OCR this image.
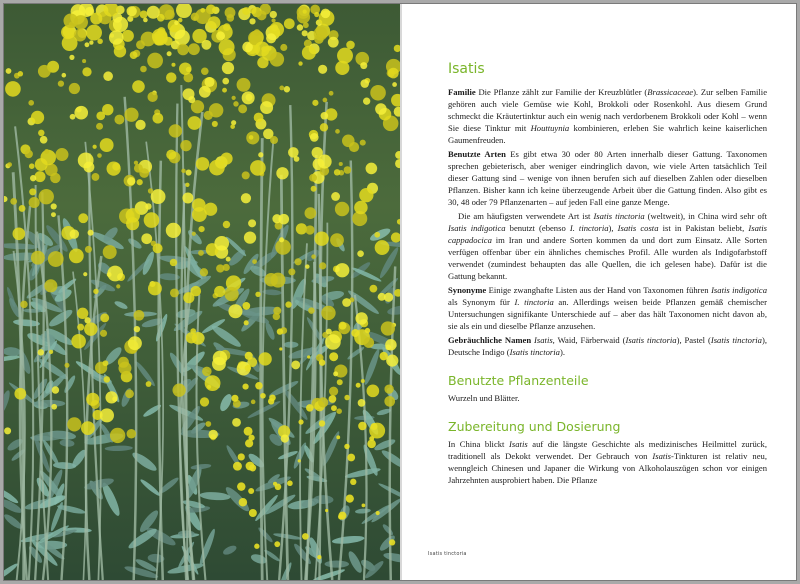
Isatis

Familie Die Pflanze zählt zur Familie der Kreuzblütler (Brassicaceae). Zur selben Familie gehören auch viele Gemüse wie Kohl, Brokkoli oder Rosenkohl. Aus diesem Grund schmeckt die Kräutertinktur auch ein wenig nach verdorbenem Brokkoli oder Kohl – wenn Sie diese Tinktur mit Houttuynia kombinieren, erleben Sie wahrlich keine kaiserlichen Gaumenfreuden.

Benutzte Arten Es gibt etwa 30 oder 80 Arten innerhalb dieser Gattung. Taxonomen sprechen gebieterisch, aber weniger eindringlich davon, wie viele Arten tatsächlich Teil dieser Gattung sind – wenige von ihnen berufen sich auf dieselben Zahlen oder dieselben Pflanzen. Bisher kann ich keine überzeugende Arbeit über die Gattung finden. Also gibt es 30, 48 oder 79 Pflanzenarten – auf jeden Fall eine ganze Menge.

Die am häufigsten verwendete Art ist Isatis tinctoria (weltweit), in China wird sehr oft Isatis indigotica benutzt (ebenso I. tinctoria), Isatis costa ist in Pakistan beliebt, Isatis cappadocica im Iran und andere Sorten kommen da und dort zum Einsatz. Alle Sorten verfügen offenbar über ein ähnliches chemisches Profil. Alle wurden als Indigofarbstoff verwendet (zumindest behaupten das alle Quellen, die ich gelesen habe). Dafür ist die Gattung bekannt.

Synonyme Einige zwanghafte Listen aus der Hand von Taxonomen führen Isatis indigotica als Synonym für I. tinctoria an. Allerdings weisen beide Pflanzen gemäß chemischer Untersuchungen signifikante Unterschiede auf – aber das hält Taxonomen nicht davon ab, sie als ein und dieselbe Pflanze anzusehen.

Gebräuchliche Namen Isatis, Waid, Färberwaid (Isatis tinctoria), Pastel (Isatis tinctoria), Deutsche Indigo (Isatis tinctoria).

Benutzte Pflanzenteile

Wurzeln und Blätter.

Zubereitung und Dosierung

In China blickt Isatis auf die längste Geschichte als medizinisches Heilmittel zurück, traditionell als Dekokt verwendet. Der Gebrauch von Isatis-Tinkturen ist relativ neu, wenngleich Chinesen und Japaner die Wirkung von Alkoholauszügen schon vor einigen Jahrzehnten ausprobiert haben. Die Pflanze

Isatis tinctoria
